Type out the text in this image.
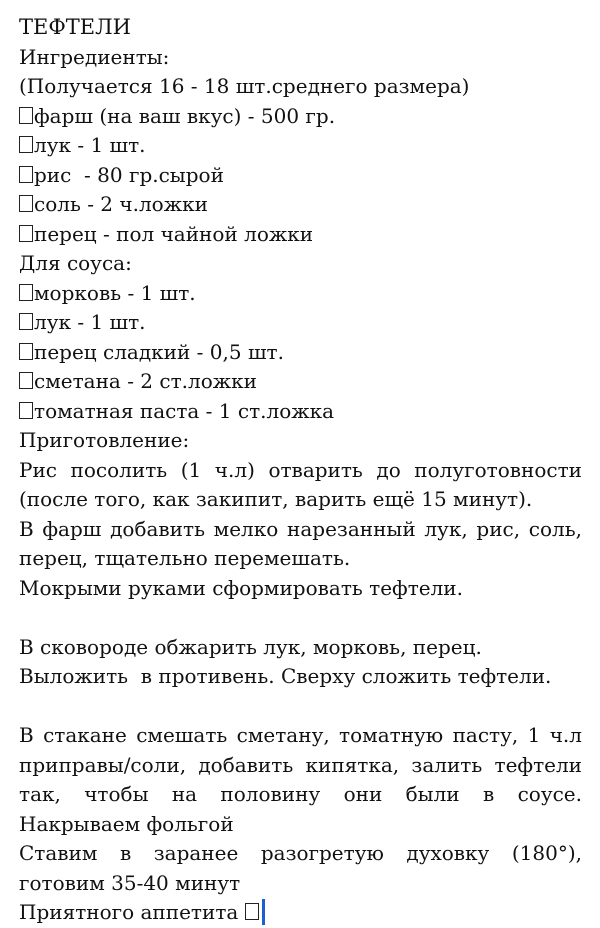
ТЕФТЕЛИ
Ингредиенты:
(Получается 16 - 18 шт.среднего размера)
фарш (на ваш вкус) - 500 гр.
лук - 1 шт.
рис  - 80 гр.сырой
соль - 2 ч.ложки
перец - пол чайной ложки
Для соуса:
морковь - 1 шт.
лук - 1 шт.
перец сладкий - 0,5 шт.
сметана - 2 ст.ложки
томатная паста - 1 ст.ложка
Приготовление:
Рис посолить (1 ч.л) отварить до полуготовности
(после того, как закипит, варить ещё 15 минут).
В фарш добавить мелко нарезанный лук, рис, соль,
перец, тщательно перемешать.
Мокрыми руками сформировать тефтели.
В сковороде обжарить лук, морковь, перец.
Выложить  в противень. Сверху сложить тефтели.
В стакане смешать сметану, томатную пасту, 1 ч.л
приправы/соли, добавить кипятка, залить тефтели
так, чтобы на половину они были в соусе.
Накрываем фольгой
Ставим в заранее разогретую духовку (180°),
готовим 35-40 минут
Приятного аппетита
